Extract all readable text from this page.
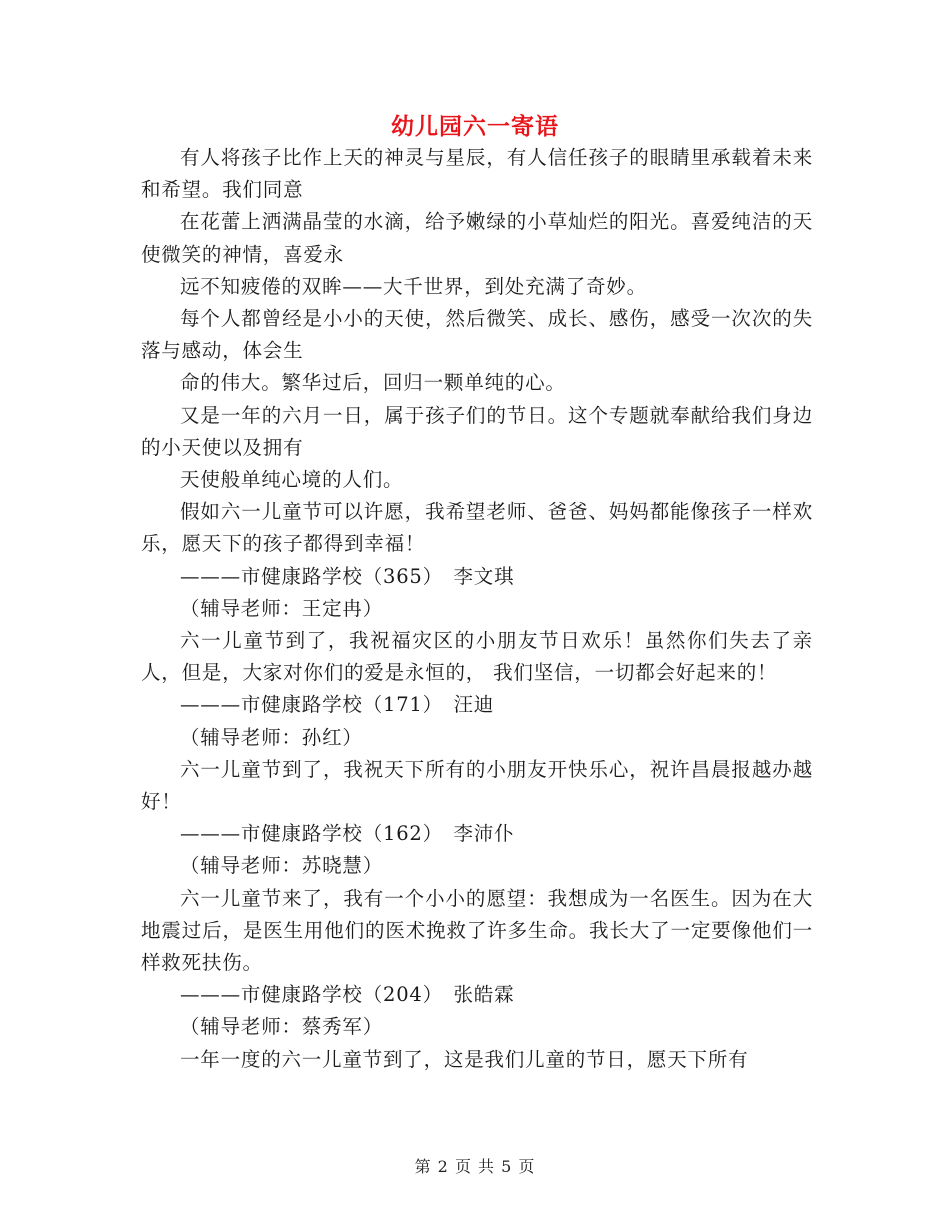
幼儿园六一寄语

有人将孩子比作上天的神灵与星辰，有人信任孩子的眼睛里承载着未来和希望。我们同意

在花蕾上洒满晶莹的水滴，给予嫩绿的小草灿烂的阳光。喜爱纯洁的天使微笑的神情，喜爱永

远不知疲倦的双眸——大千世界，到处充满了奇妙。

每个人都曾经是小小的天使，然后微笑、成长、感伤，感受一次次的失落与感动，体会生

命的伟大。繁华过后，回归一颗单纯的心。

又是一年的六月一日，属于孩子们的节日。这个专题就奉献给我们身边的小天使以及拥有

天使般单纯心境的人们。

假如六一儿童节可以许愿，我希望老师、爸爸、妈妈都能像孩子一样欢乐，愿天下的孩子都得到幸福！

———市健康路学校（365）　李文琪

（辅导老师：王定冉）

六一儿童节到了，我祝福灾区的小朋友节日欢乐！虽然你们失去了亲人，但是，大家对你们的爱是永恒的， 我们坚信，一切都会好起来的！

———市健康路学校（171）　汪迪

（辅导老师：孙红）

六一儿童节到了，我祝天下所有的小朋友开快乐心，祝许昌晨报越办越好！

———市健康路学校（162）　李沛仆

（辅导老师：苏晓慧）

六一儿童节来了，我有一个小小的愿望：我想成为一名医生。因为在大地震过后，是医生用他们的医术挽救了许多生命。我长大了一定要像他们一样救死扶伤。

———市健康路学校（204）　张皓霖

（辅导老师：蔡秀军）

一年一度的六一儿童节到了，这是我们儿童的节日，愿天下所有

第 2 页 共 5 页
